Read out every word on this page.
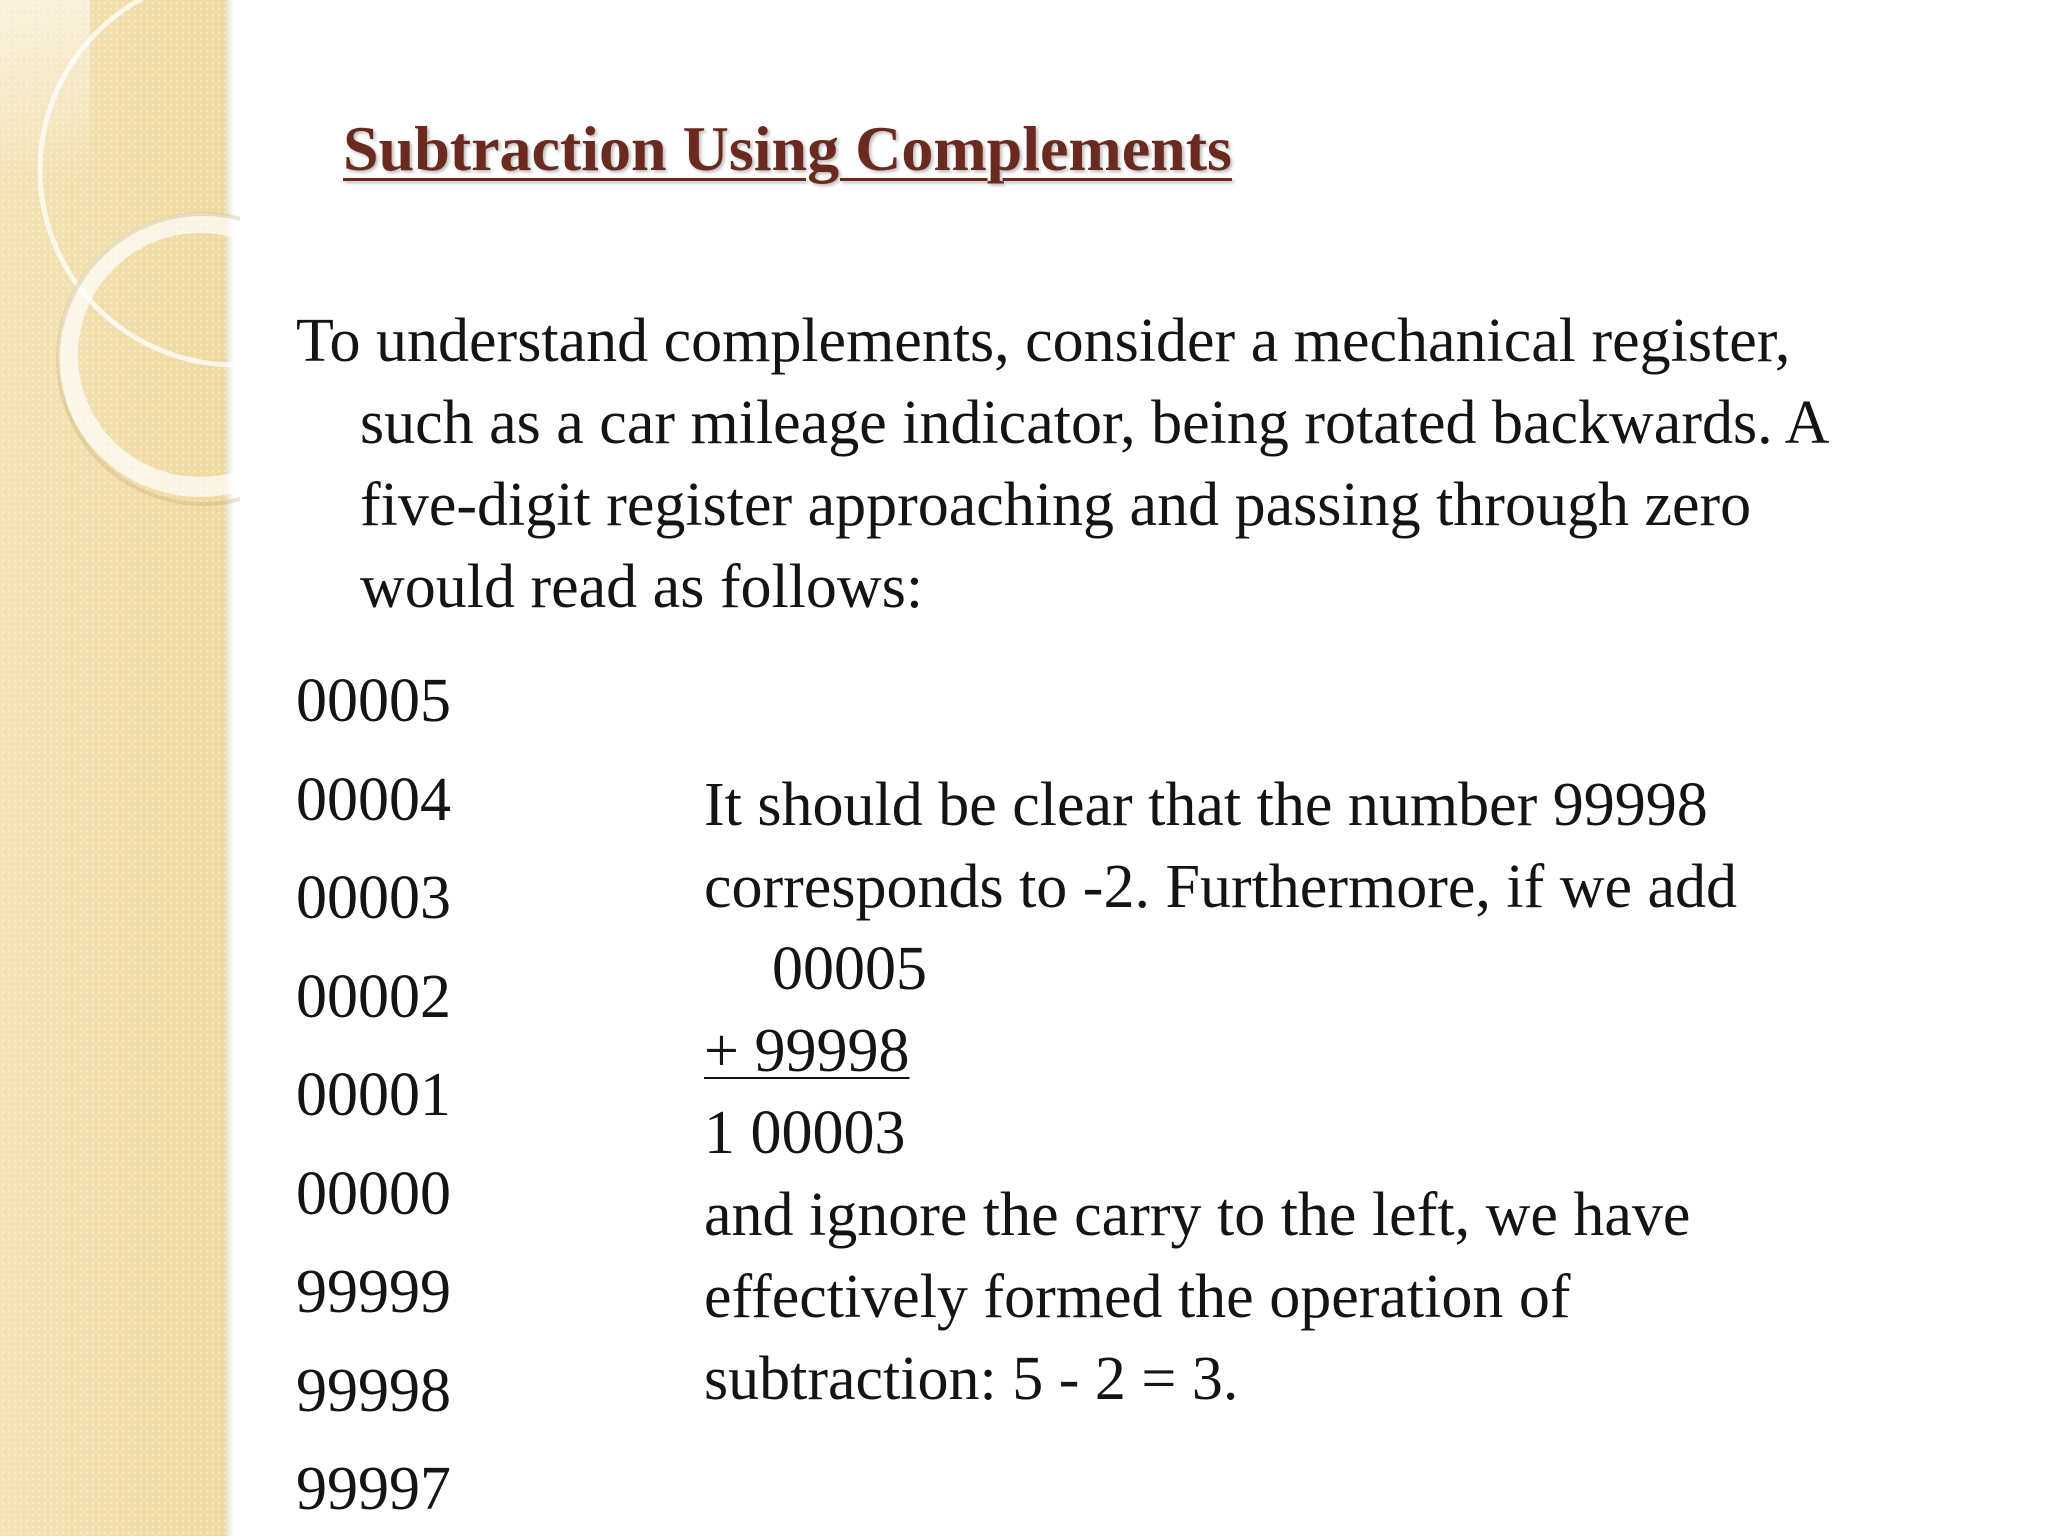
Subtraction Using Complements
To understand complements, consider a mechanical register,
such as a car mileage indicator, being rotated backwards. A
five-digit register approaching and passing through zero
would read as follows:
00005
00004
00003
00002
00001
00000
99999
99998
99997
It should be clear that the number 99998
corresponds to -2. Furthermore, if we add
00005
+ 99998
1 00003
and ignore the carry to the left, we have
effectively formed the operation of
subtraction: 5 - 2 = 3.
